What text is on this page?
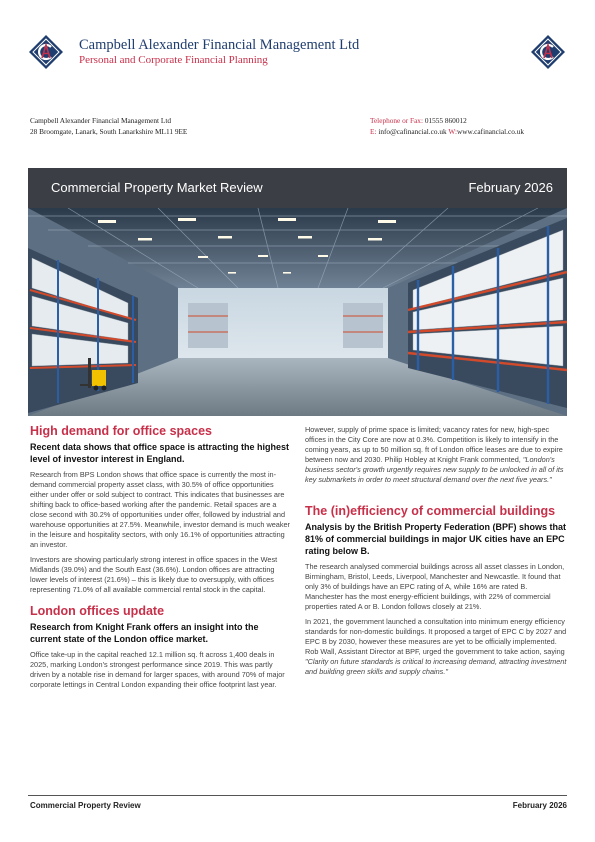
Campbell Alexander Financial Management Ltd
Personal and Corporate Financial Planning
Campbell Alexander Financial Management Ltd
28 Broomgate, Lanark, South Lanarkshire ML11 9EE
Telephone or Fax: 01555 860012
E: info@cafinancial.co.uk W:www.cafinancial.co.uk
Commercial Property Market Review	February 2026
High demand for office spaces
Recent data shows that office space is attracting the highest level of investor interest in England.
Research from BPS London shows that office space is currently the most in-demand commercial property asset class, with 30.5% of office opportunities either under offer or sold subject to contract. This indicates that businesses are shifting back to office-based working after the pandemic. Retail spaces are a close second with 30.2% of opportunities under offer, followed by industrial and warehouse opportunities at 27.5%. Meanwhile, investor demand is much weaker in the leisure and hospitality sectors, with only 16.1% of opportunities attracting an investor.
Investors are showing particularly strong interest in office spaces in the West Midlands (39.0%) and the South East (36.6%). London offices are attracting lower levels of interest (21.6%) – this is likely due to oversupply, with offices representing 71.0% of all available commercial rental stock in the capital.
London offices update
Research from Knight Frank offers an insight into the current state of the London office market.
Office take-up in the capital reached 12.1 million sq. ft across 1,400 deals in 2025, marking London's strongest performance since 2019. This was partly driven by a notable rise in demand for larger spaces, with around 70% of major corporate lettings in Central London expanding their office footprint last year.
However, supply of prime space is limited; vacancy rates for new, high-spec offices in the City Core are now at 0.3%. Competition is likely to intensify in the coming years, as up to 50 million sq. ft of London office leases are due to expire between now and 2030. Philip Hobley at Knight Frank commented, "London's business sector's growth urgently requires new supply to be unlocked in all of its key submarkets in order to meet structural demand over the next five years."
The (in)efficiency of commercial buildings
Analysis by the British Property Federation (BPF) shows that 81% of commercial buildings in major UK cities have an EPC rating below B.
The research analysed commercial buildings across all asset classes in London, Birmingham, Bristol, Leeds, Liverpool, Manchester and Newcastle. It found that only 3% of buildings have an EPC rating of A, while 16% are rated B. Manchester has the most energy-efficient buildings, with 22% of commercial properties rated A or B. London follows closely at 21%.
In 2021, the government launched a consultation into minimum energy efficiency standards for non-domestic buildings. It proposed a target of EPC C by 2027 and EPC B by 2030, however these measures are yet to be officially implemented. Rob Wall, Assistant Director at BPF, urged the government to take action, saying "Clarity on future standards is critical to increasing demand, attracting investment and building green skills and supply chains."
Commercial Property Review	February 2026
